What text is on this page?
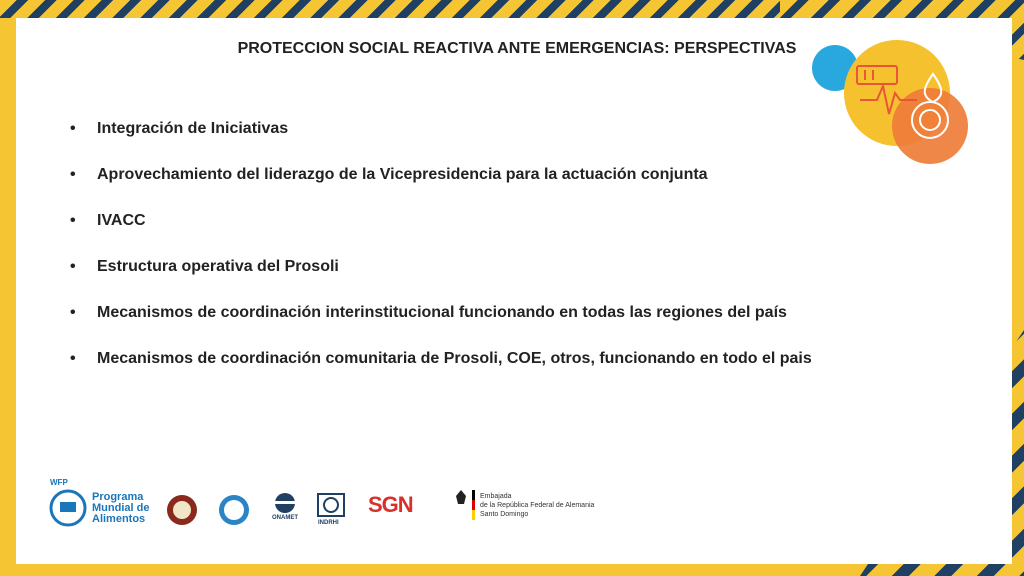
PROTECCION SOCIAL REACTIVA ANTE EMERGENCIAS: PERSPECTIVAS
• Integración de Iniciativas
• Aprovechamiento del liderazgo de la Vicepresidencia para la actuación conjunta
• IVACC
• Estructura operativa del Prosoli
• Mecanismos de coordinación interinstitucional funcionando en todas las regiones del país
• Mecanismos de coordinación comunitaria de Prosoli, COE, otros, funcionando en todo el pais
WFP
Programa
Mundial de
Alimentos	ONAMET
INDRHI
SGN	Embajada
de la República Federal de Alemania
Santo Domingo
